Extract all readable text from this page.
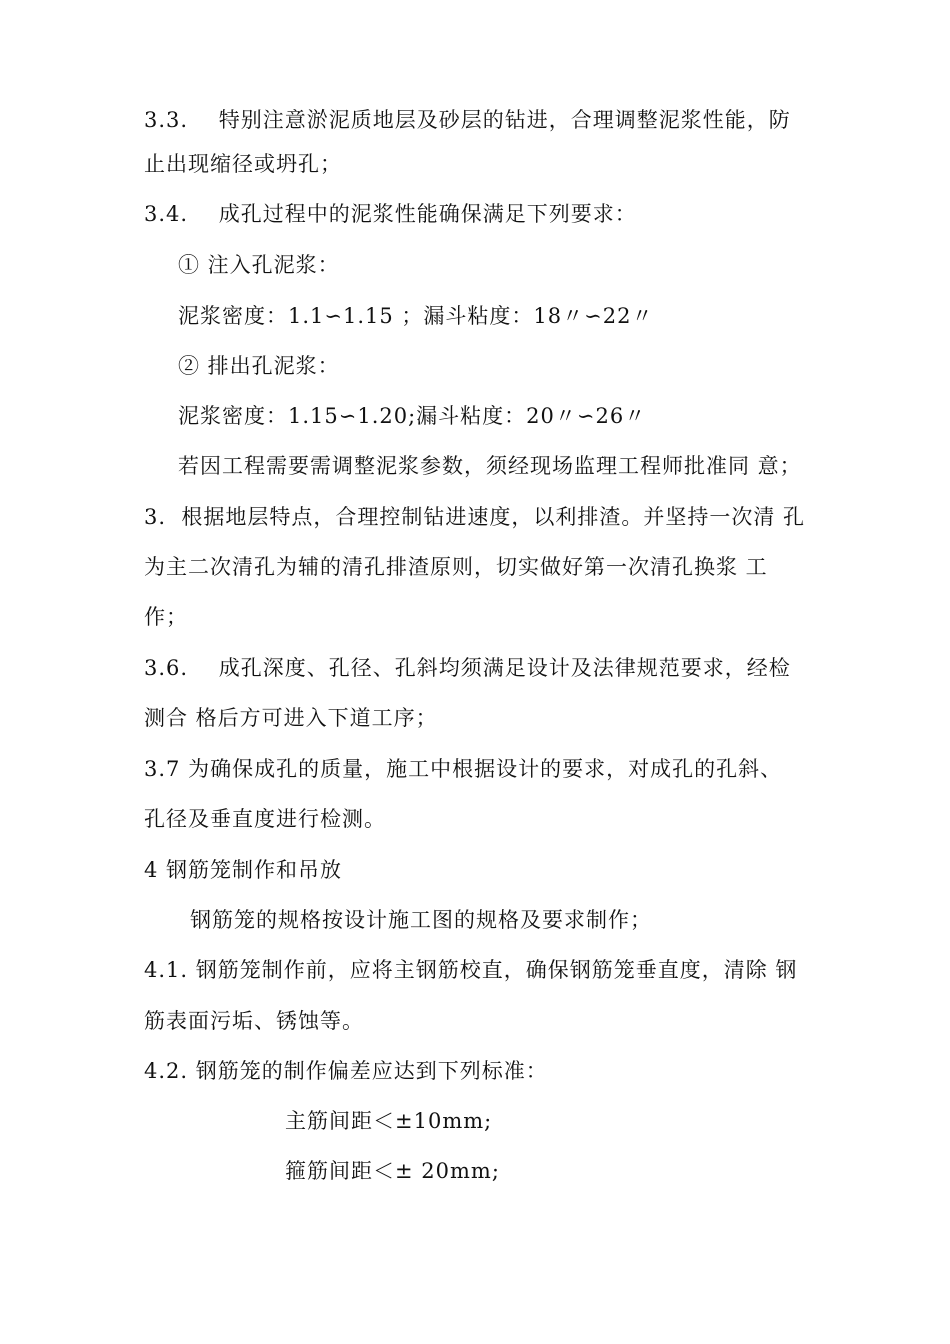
3.3.    特别注意淤泥质地层及砂层的钻进，合理调整泥浆性能，防
止出现缩径或坍孔；
3.4.    成孔过程中的泥浆性能确保满足下列要求：
① 注入孔泥浆：
泥浆密度：1.1∽1.15 ；漏斗粘度：18〃∽22〃
② 排出孔泥浆：
泥浆密度：1.15∽1.20;漏斗粘度：20〃∽26〃
若因工程需要需调整泥浆参数，须经现场监理工程师批准同 意；
3.  根据地层特点，合理控制钻进速度，以利排渣。并坚持一次清 孔
为主二次清孔为辅的清孔排渣原则，切实做好第一次清孔换浆 工
作；
3.6.    成孔深度、孔径、孔斜均须满足设计及法律规范要求，经检
测合 格后方可进入下道工序；
3.7 为确保成孔的质量，施工中根据设计的要求，对成孔的孔斜、
孔径及垂直度进行检测。
4 钢筋笼制作和吊放
钢筋笼的规格按设计施工图的规格及要求制作；
4.1. 钢筋笼制作前，应将主钢筋校直，确保钢筋笼垂直度，清除 钢
筋表面污垢、锈蚀等。
4.2. 钢筋笼的制作偏差应达到下列标准：
主筋间距＜±10mm;
箍筋间距＜± 20mm;
